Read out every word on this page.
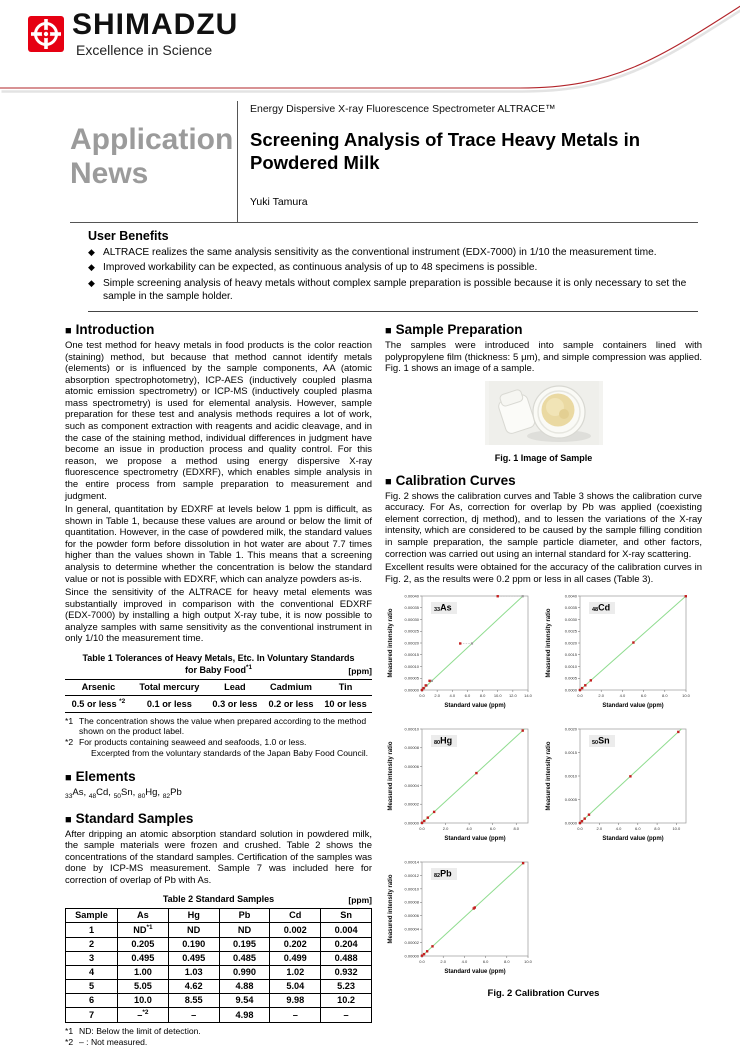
SHIMADZU
Excellence in Science
Application
News
Energy Dispersive X-ray Fluorescence Spectrometer ALTRACE™
Screening Analysis of Trace Heavy Metals in Powdered Milk
Yuki Tamura
User Benefits
◆ ALTRACE realizes the same analysis sensitivity as the conventional instrument (EDX-7000) in 1/10 the measurement time.
◆ Improved workability can be expected, as continuous analysis of up to 48 specimens is possible.
◆ Simple screening analysis of heavy metals without complex sample preparation is possible because it is only necessary to set the sample in the sample holder.
■ Introduction

One test method for heavy metals in food products is the color reaction (staining) method, but because that method cannot identify metals (elements) or is influenced by the sample components, AA (atomic absorption spectrophotometry), ICP-AES (inductively coupled plasma atomic emission spectrometry) or ICP-MS (inductively coupled plasma mass spectrometry) is used for elemental analysis. However, sample preparation for these test and analysis methods requires a lot of work, such as component extraction with reagents and acidic cleavage, and in the case of the staining method, individual differences in judgment have become an issue in production process and quality control. For this reason, we propose a method using energy dispersive X-ray fluorescence spectrometry (EDXRF), which enables simple analysis in the entire process from sample preparation to measurement and judgment.

In general, quantitation by EDXRF at levels below 1 ppm is difficult, as shown in Table 1, because these values are around or below the limit of quantitation. However, in the case of powdered milk, the standard values for the powder form before dissolution in hot water are about 7.7 times higher than the values shown in Table 1. This means that a screening analysis to determine whether the concentration is below the standard value or not is possible with EDXRF, which can analyze powders as-is.

Since the sensitivity of the ALTRACE for heavy metal elements was substantially improved in comparison with the conventional EDXRF (EDX-7000) by installing a high output X-ray tube, it is now possible to analyze samples with same sensitivity as the conventional instrument in only 1/10 the measurement time.

Table 1 Tolerances of Heavy Metals, Etc. In Voluntary Standards
for Baby Food$^{*1}$	[ppm]
Arsenic	Total mercury	Lead	Cadmium	Tin
0.5 or less $^{*2}$	0.1 or less	0.3 or less	0.2 or less	10 or less
*1 The concentration shows the value when prepared according to the method shown on the product label.
*2 For products containing seaweed and seafoods, 1.0 or less.
Excerpted from the voluntary standards of the Japan Baby Food Council.
■ Elements

$_{33}$As, $_{48}$Cd, $_{50}$Sn, $_{80}$Hg, $_{82}$Pb

■ Standard Samples

After dripping an atomic absorption standard solution in powdered milk, the sample materials were frozen and crushed. Table 2 shows the concentrations of the standard samples. Certification of the samples was done by ICP-MS measurement. Sample 7 was included here for correction of overlap of Pb with As.

Table 2 Standard Samples	[ppm]
Sample	As	Hg	Pb	Cd	Sn
1	ND$^{*1}$	ND	ND	0.002	0.004
2	0.205	0.190	0.195	0.202	0.204
3	0.495	0.495	0.485	0.499	0.488
4	1.00	1.03	0.990	1.02	0.932
5	5.05	4.62	4.88	5.04	5.23
6	10.0	8.55	9.54	9.98	10.2
7	–$^{*2}$	–	4.98	–	–
*1 ND: Below the limit of detection.
*2 – : Not measured.
■ Sample Preparation

The samples were introduced into sample containers lined with polypropylene film (thickness: 5 μm), and simple compression was applied. Fig. 1 shows an image of a sample.

Fig. 1 Image of Sample
■ Calibration Curves

Fig. 2 shows the calibration curves and Table 3 shows the calibration curve accuracy. For As, correction for overlap by Pb was applied (coexisting element correction, dj method), and to lessen the variations of the X-ray intensity, which are considered to be caused by the sample filling condition in sample preparation, the sample particle diameter, and other factors, correction was carried out using an internal standard for X-ray scattering.

Excellent results were obtained for the accuracy of the calibration curves in Fig. 2, as the results were 0.2 ppm or less in all cases (Table 3).

0.00000
0.00005
0.00010
0.00015
0.00020
0.00025
0.00030
0.00035
0.00040
0.0 2.0 4.0 6.0 8.0 10.0 12.0 14.0
Measured intensity ratio
Standard value (ppm)
33As
0.0000
0.0005
0.0010
0.0015
0.0020
0.0025
0.0030
0.0035
0.0040
0.0	2.0	4.0	6.0	8.0	10.0
Measured intensity ratio
Standard value (ppm)
48Cd
0.00000
0.00002
0.00004
0.00006
0.00008
0.00010
0.0	2.0	4.0	6.0	8.0
Measured intensity ratio
Standard value (ppm)
80Hg
0.0000
0.0005
0.0010
0.0015
0.0020
0.0	2.0	4.0	6.0	8.0	10.0
Measured intensity ratio
Standard value (ppm)
50Sn
0.00000
0.00002
0.00004
0.00006
0.00008
0.00010
0.00012
0.00014
0.0	2.0	4.0	6.0	8.0	10.0
Measured intensity ratio
Standard value (ppm)
82Pb
Fig. 2 Calibration Curves
